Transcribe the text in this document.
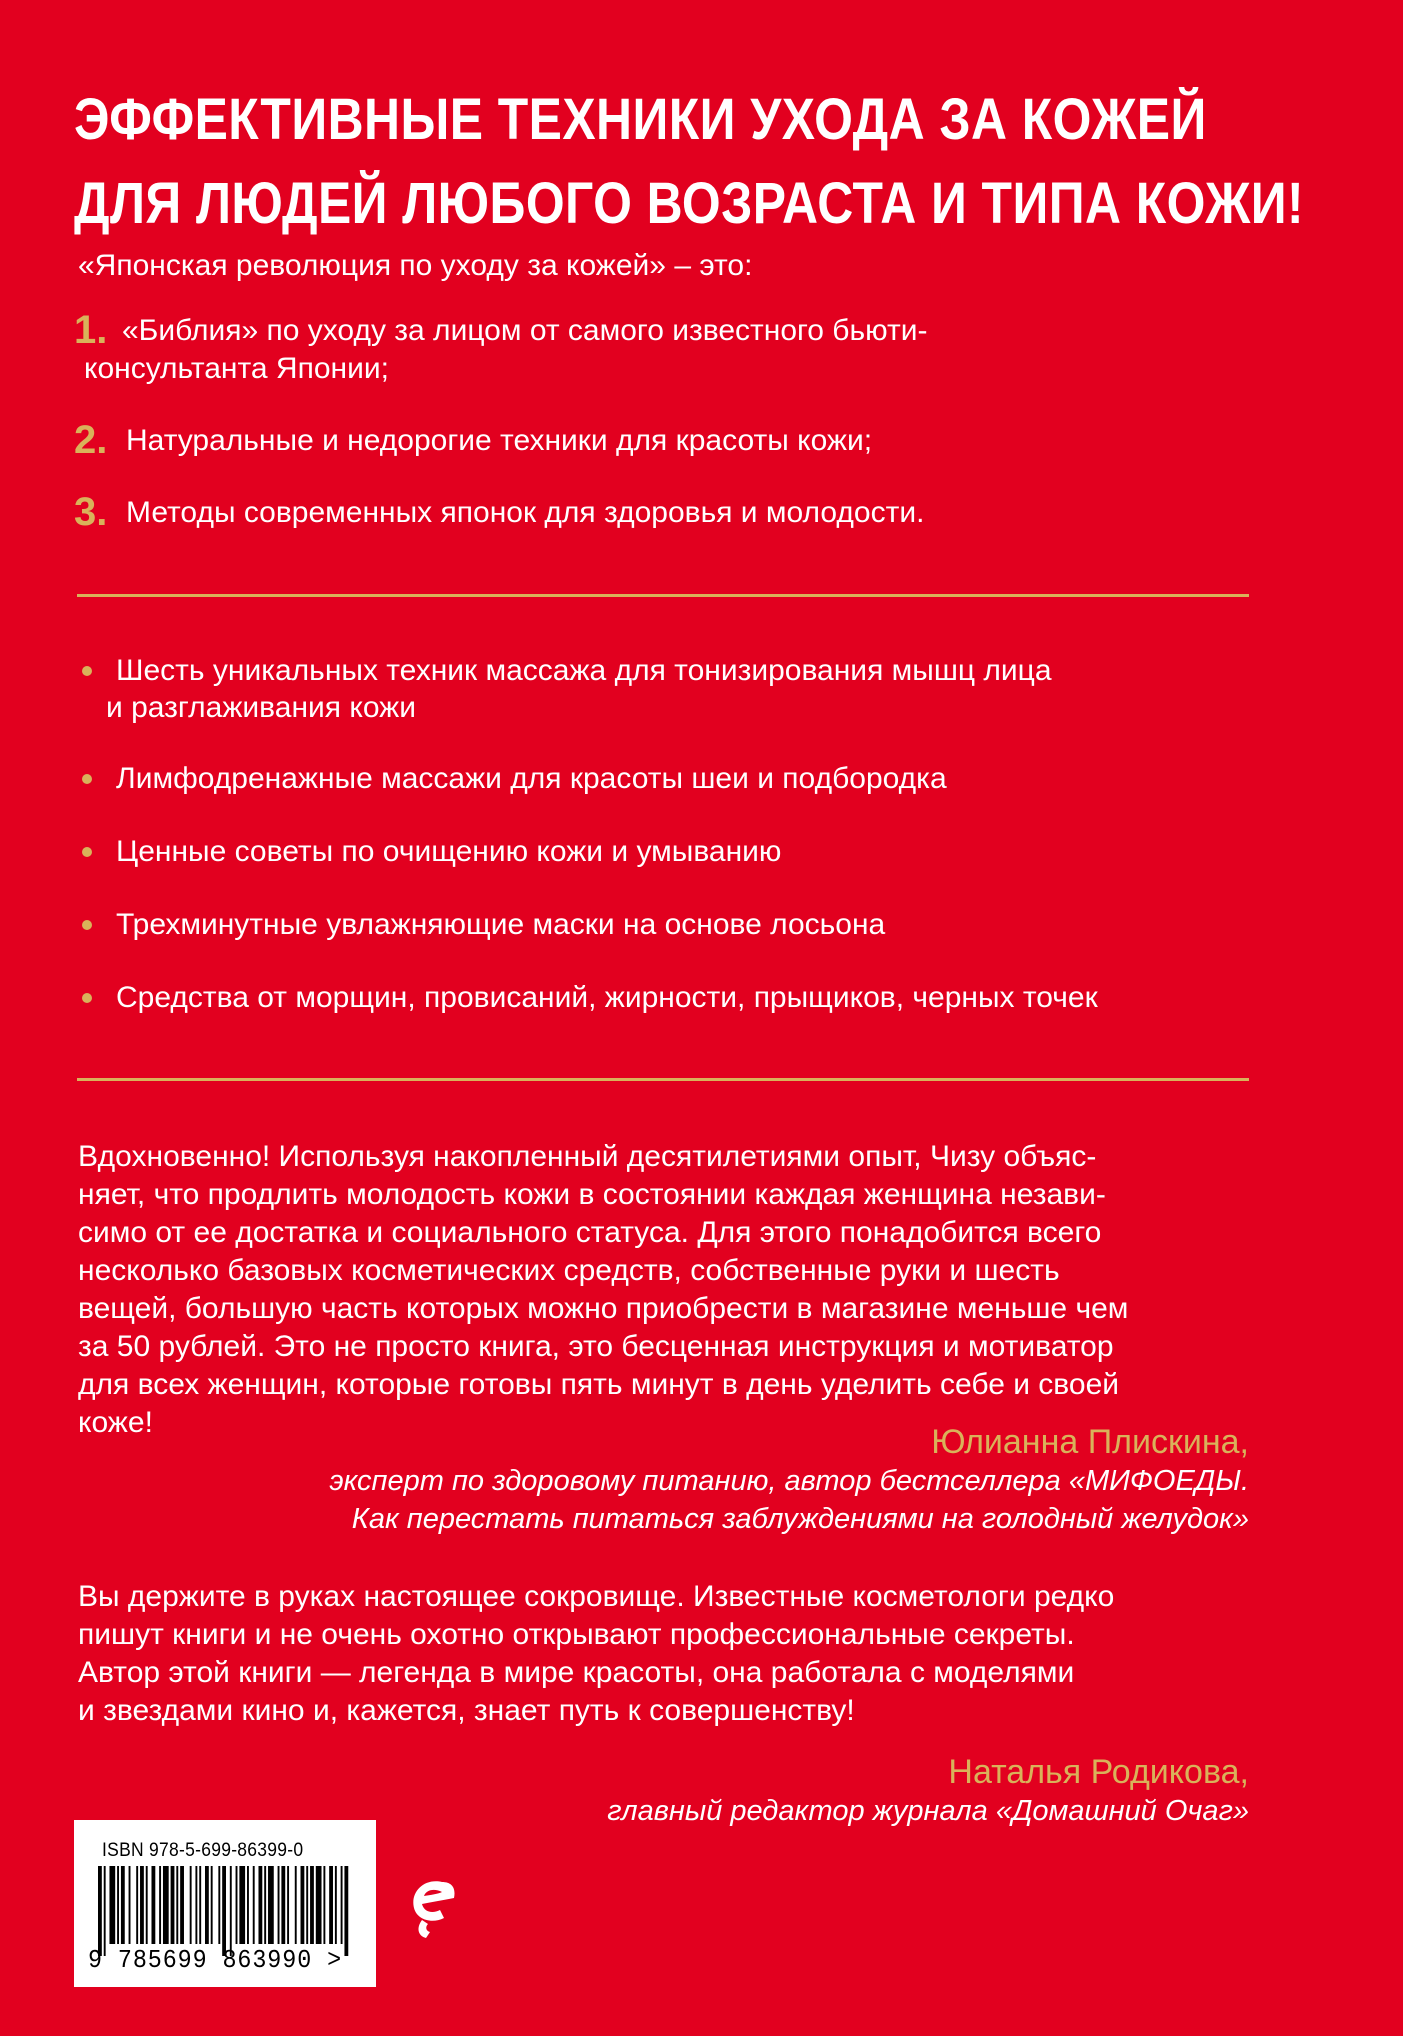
ЭФФЕКТИВНЫЕ ТЕХНИКИ УХОДА ЗА КОЖЕЙ
ДЛЯ ЛЮДЕЙ ЛЮБОГО ВОЗРАСТА И ТИПА КОЖИ!
«Японская революция по уходу за кожей» – это:
1. «Библия» по уходу за лицом от самого известного бьюти-
консультанта Японии;
2. Натуральные и недорогие техники для красоты кожи;
3. Методы современных японок для здоровья и молодости.
Шесть уникальных техник массажа для тонизирования мышц лица
и разглаживания кожи
Лимфодренажные массажи для красоты шеи и подбородка
Ценные советы по очищению кожи и умыванию
Трехминутные увлажняющие маски на основе лосьона
Средства от морщин, провисаний, жирности, прыщиков, черных точек

Вдохновенно! Используя накопленный десятилетиями опыт, Чизу объяс-

няет, что продлить молодость кожи в состоянии каждая женщина незави-

симо от ее достатка и социального статуса. Для этого понадобится всего

несколько базовых косметических средств, собственные руки и шесть

вещей, большую часть которых можно приобрести в магазине меньше чем

за 50 рублей. Это не просто книга, это бесценная инструкция и мотиватор

для всех женщин, которые готовы пять минут в день уделить себе и своей

коже!

Юлианна Плискина,
эксперт по здоровому питанию, автор бестселлера «МИФОЕДЫ.
Как перестать питаться заблуждениями на голодный желудок»

Вы держите в руках настоящее сокровище. Известные косметологи редко

пишут книги и не очень охотно открывают профессиональные секреты.

Автор этой книги — легенда в мире красоты, она работала с моделями

и звездами кино и, кажется, знает путь к совершенству!

Наталья Родикова,
главный редактор журнала «Домашний Очаг»
ISBN 978-5-699-86399-0
9 785699 863990 >
